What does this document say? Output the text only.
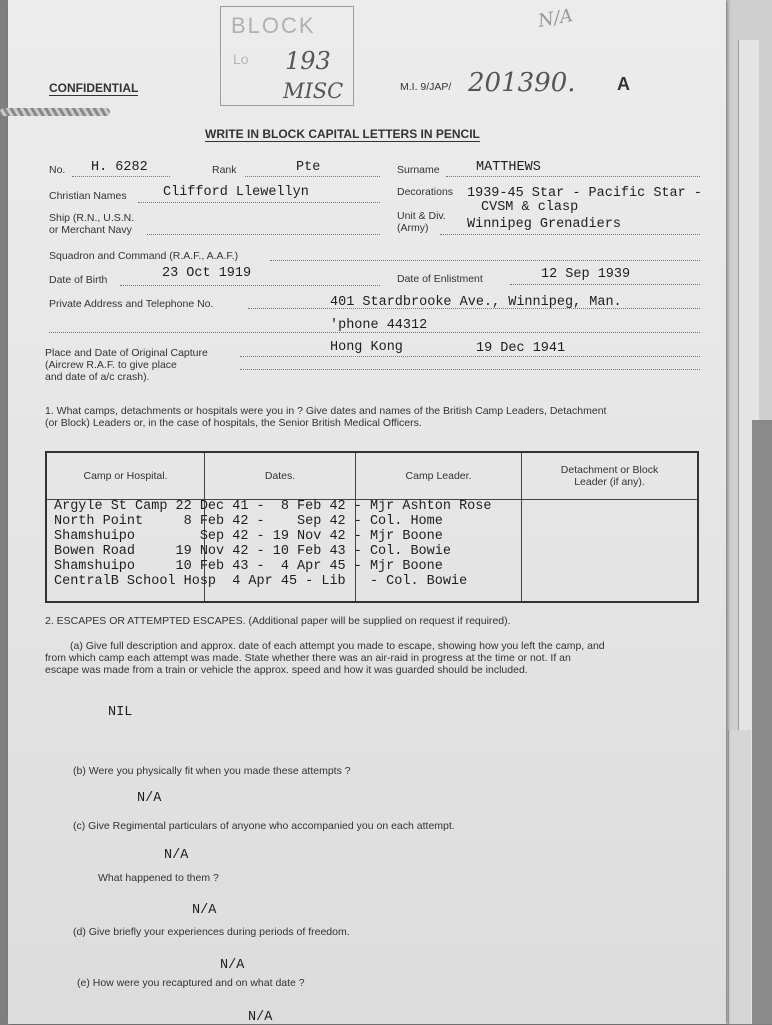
BLOCK
Lo 193
MISC
N/A
CONFIDENTIAL	M.I. 9/JAP/ 201390. A
WRITE IN BLOCK CAPITAL LETTERS IN PENCIL
No. H. 6282	Rank	Pte	Surname	MATTHEWS
Christian Names	Clifford Llewellyn	Decorations 1939-45 Star - Pacific Star -
CVSM & clasp
Ship (R.N., U.S.N.
or Merchant Navy
Unit & Div.
(Army)	Winnipeg Grenadiers
Squadron and Command (R.A.F., A.A.F.)
Date of Birth	23 Oct 1919	Date of Enlistment	12 Sep 1939
Private Address and Telephone No.	401 Stardbrooke Ave., Winnipeg, Man.
'phone 44312
Place and Date of Original Capture
(Aircrew R.A.F. to give place
and date of a/c crash).
Hong Kong	19 Dec 1941
1. What camps, detachments or hospitals were you in ? Give dates and names of the British Camp Leaders, Detachment
(or Block) Leaders or, in the case of hospitals, the Senior British Medical Officers.
Camp or Hospital.	Dates.	Camp Leader.	Detachment or Block
Leader (if any).

Argyle St Camp 22 Dec 41 -  8 Feb 42 - Mjr Ashton Rose
North Point     8 Feb 42 -    Sep 42 - Col. Home
Shamshuipo        Sep 42 - 19 Nov 42 - Mjr Boone
Bowen Road     19 Nov 42 - 10 Feb 43 - Col. Bowie
Shamshuipo     10 Feb 43 -  4 Apr 45 - Mjr Boone
CentralB School Hosp  4 Apr 45 - Lib   - Col. Bowie
2. ESCAPES OR ATTEMPTED ESCAPES. (Additional paper will be supplied on request if required).
(a) Give full description and approx. date of each attempt you made to escape, showing how you left the camp, and
from which camp each attempt was made. State whether there was an air-raid in progress at the time or not. If an
escape was made from a train or vehicle the approx. speed and how it was guarded should be included.
NIL
(b) Were you physically fit when you made these attempts ?
N/A
(c) Give Regimental particulars of anyone who accompanied you on each attempt.
N/A
What happened to them ?
N/A
(d) Give briefly your experiences during periods of freedom.
N/A
(e) How were you recaptured and on what date ?
N/A
